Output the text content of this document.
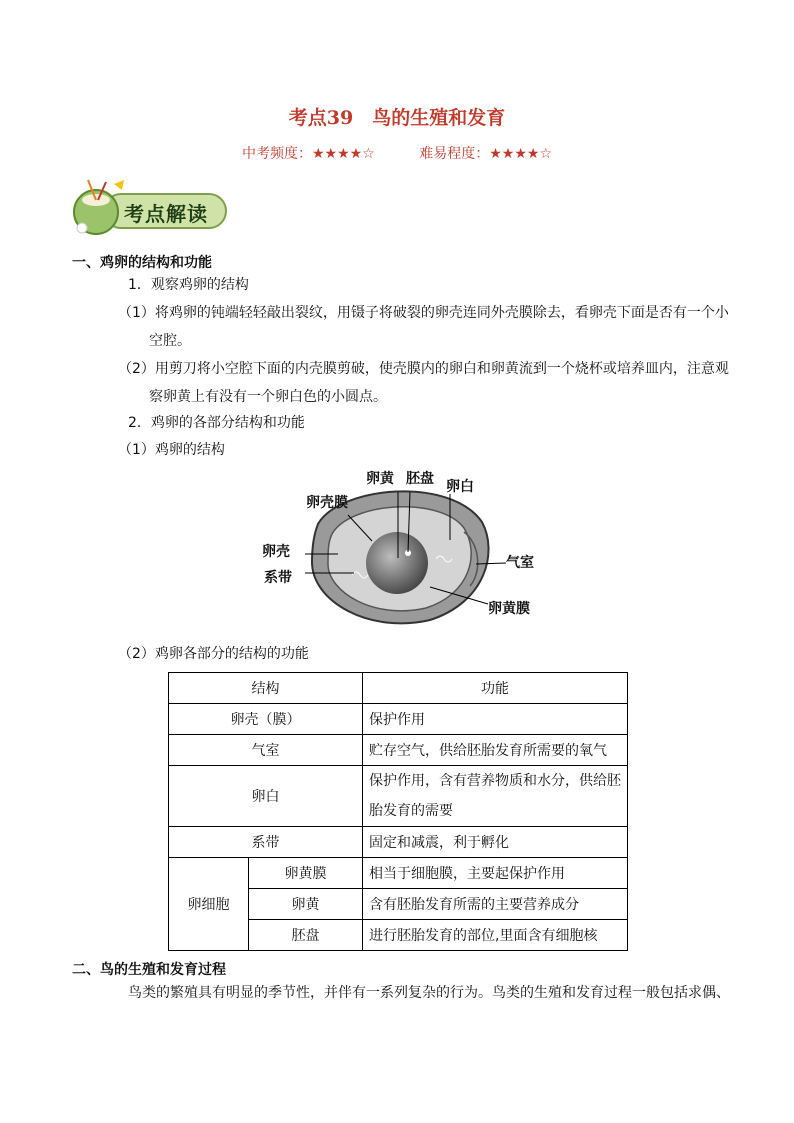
考点39　鸟的生殖和发育
中考频度：★★★★☆	难易程度：★★★★☆
考点解读
一、鸡卵的结构和功能
1．观察鸡卵的结构
（1）将鸡卵的钝端轻轻敲出裂纹，用镊子将破裂的卵壳连同外壳膜除去，看卵壳下面是否有一个小
空腔。
（2）用剪刀将小空腔下面的内壳膜剪破，使壳膜内的卵白和卵黄流到一个烧杯或培养皿内，注意观
察卵黄上有没有一个卵白色的小圆点。
2．鸡卵的各部分结构和功能
（1）鸡卵的结构
卵黄 胚盘 卵白
卵壳膜
卵壳
系带
气室
卵黄膜
（2）鸡卵各部分的结构的功能
结构		功能
卵壳（膜）		保护作用
气室		贮存空气，供给胚胎发育所需要的氧气
卵白		保护作用，含有营养物质和水分，供给胚
胎发育的需要
系带		固定和减震，利于孵化
卵细胞	卵黄膜	相当于细胞膜，主要起保护作用
	卵黄	含有胚胎发育所需的主要营养成分
	胚盘	进行胚胎发育的部位,里面含有细胞核
二、鸟的生殖和发育过程
鸟类的繁殖具有明显的季节性，并伴有一系列复杂的行为。鸟类的生殖和发育过程一般包括求偶、
